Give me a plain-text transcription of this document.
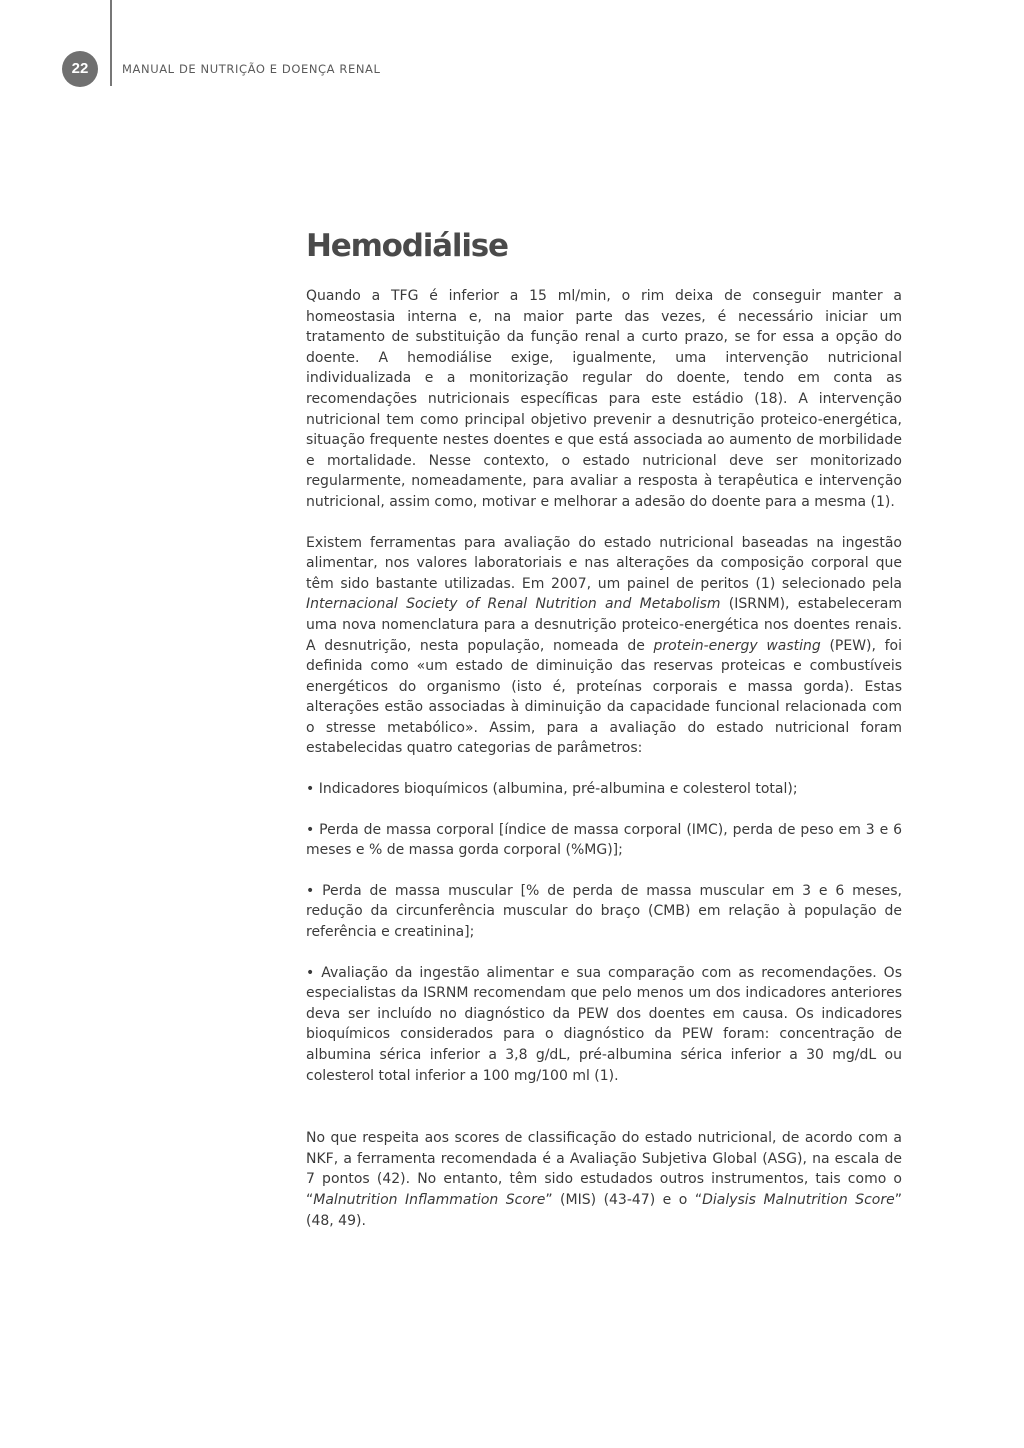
22	MANUAL DE NUTRIÇÃO E DOENÇA RENAL
Hemodiálise

Quando a TFG é inferior a 15 ml/min, o rim deixa de conseguir manter a homeostasia interna e, na maior parte das vezes, é necessário iniciar um tratamento de substituição da função renal a curto prazo, se for essa a opção do doente. A hemodiálise exige, igualmente, uma intervenção nutricional individualizada e a monitorização regular do doente, tendo em conta as recomendações nutricionais específicas para este estádio (18). A intervenção nutricional tem como principal objetivo prevenir a desnutrição proteico-energética, situação frequente nestes doentes e que está associada ao aumento de morbilidade e mortalidade. Nesse contexto, o estado nutricional deve ser monitorizado regularmente, nomeadamente, para avaliar a resposta à terapêutica e intervenção nutricional, assim como, motivar e melhorar a adesão do doente para a mesma (1).

Existem ferramentas para avaliação do estado nutricional baseadas na ingestão alimentar, nos valores laboratoriais e nas alterações da composição corporal que têm sido bastante utilizadas. Em 2007, um painel de peritos (1) selecionado pela Internacional Society of Renal Nutrition and Metabolism (ISRNM), estabeleceram uma nova nomenclatura para a desnutrição proteico-energética nos doentes renais. A desnutrição, nesta população, nomeada de protein-energy wasting (PEW), foi definida como «um estado de diminuição das reservas proteicas e combustíveis energéticos do organismo (isto é, proteínas corporais e massa gorda). Estas alterações estão associadas à diminuição da capacidade funcional relacionada com o stresse metabólico». Assim, para a avaliação do estado nutricional foram estabelecidas quatro categorias de parâmetros:

• Indicadores bioquímicos (albumina, pré-albumina e colesterol total);

• Perda de massa corporal [índice de massa corporal (IMC), perda de peso em 3 e 6 meses e % de massa gorda corporal (%MG)];

• Perda de massa muscular [% de perda de massa muscular em 3 e 6 meses, redução da circunferência muscular do braço (CMB) em relação à população de referência e creatinina];

• Avaliação da ingestão alimentar e sua comparação com as recomendações. Os especialistas da ISRNM recomendam que pelo menos um dos indicadores anteriores deva ser incluído no diagnóstico da PEW dos doentes em causa. Os indicadores bioquímicos considerados para o diagnóstico da PEW foram: concentração de albumina sérica inferior a 3,8 g/dL, pré-albumina sérica inferior a 30 mg/dL ou colesterol total inferior a 100 mg/100 ml (1).

No que respeita aos scores de classificação do estado nutricional, de acordo com a NKF, a ferramenta recomendada é a Avaliação Subjetiva Global (ASG), na escala de 7 pontos (42). No entanto, têm sido estudados outros instrumentos, tais como o “Malnutrition Inflammation Score” (MIS) (43-47) e o “Dialysis Malnutrition Score” (48, 49).
